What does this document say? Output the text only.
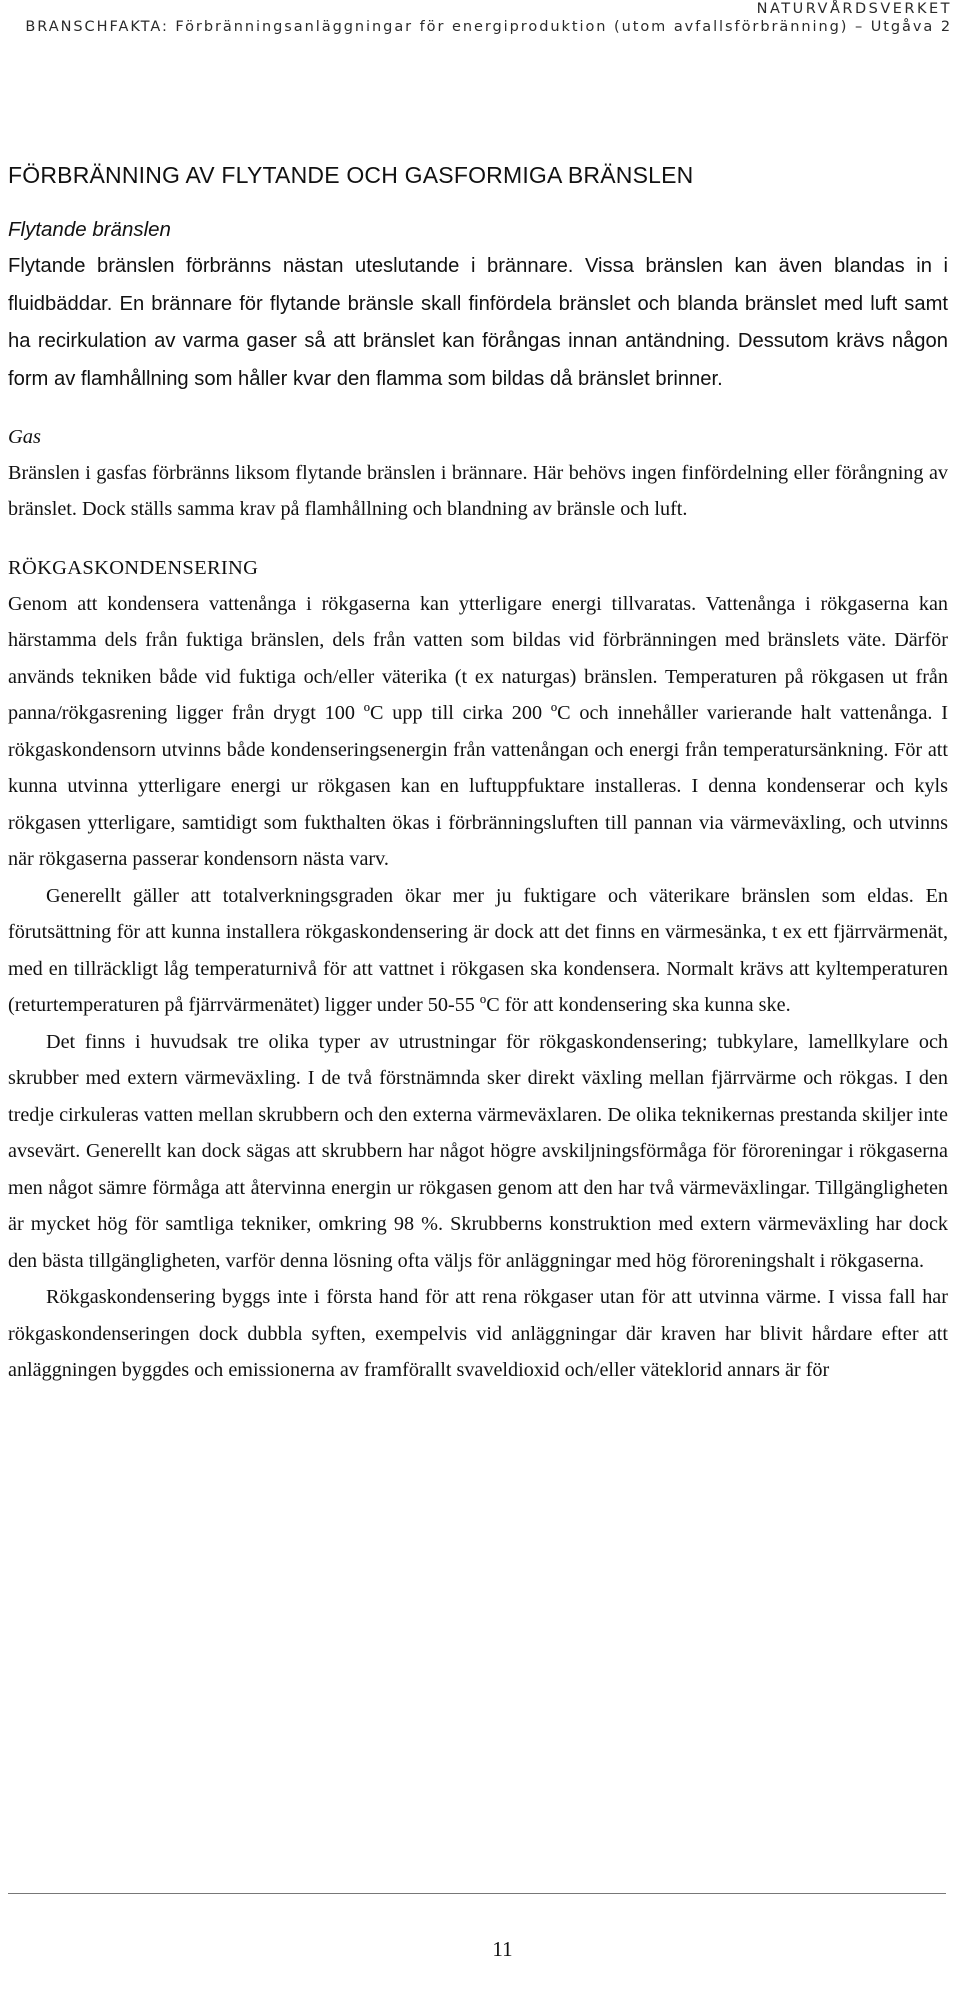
NATURVÅRDSVERKET
BRANSCHFAKTA: Förbränningsanläggningar för energiproduktion (utom avfallsförbränning) – Utgåva 2
FÖRBRÄNNING AV FLYTANDE OCH GASFORMIGA BRÄNSLEN
Flytande bränslen

Flytande bränslen förbränns nästan uteslutande i brännare. Vissa bränslen kan även blandas in i fluidbäddar. En brännare för flytande bränsle skall finfördela bränslet och blanda bränslet med luft samt ha recirkulation av varma gaser så att bränslet kan förångas innan antändning. Dessutom krävs någon form av flamhållning som håller kvar den flamma som bildas då bränslet brinner.

Gas

Bränslen i gasfas förbränns liksom flytande bränslen i brännare. Här behövs ingen finfördelning eller förångning av bränslet. Dock ställs samma krav på flamhållning och blandning av bränsle och luft.

RÖKGASKONDENSERING

Genom att kondensera vattenånga i rökgaserna kan ytterligare energi tillvaratas. Vattenånga i rökgaserna kan härstamma dels från fuktiga bränslen, dels från vatten som bildas vid förbränningen med bränslets väte. Därför används tekniken både vid fuktiga och/eller väterika (t ex naturgas) bränslen. Temperaturen på rökgasen ut från panna/rökgasrening ligger från drygt 100 ºC upp till cirka 200 ºC och innehåller varierande halt vattenånga. I rökgaskondensorn utvinns både kondenseringsenergin från vattenångan och energi från temperatursänkning. För att kunna utvinna ytterligare energi ur rökgasen kan en luftuppfuktare installeras. I denna kondenserar och kyls rökgasen ytterligare, samtidigt som fukthalten ökas i förbränningsluften till pannan via värmeväxling, och utvinns när rökgaserna passerar kondensorn nästa varv.

Generellt gäller att totalverkningsgraden ökar mer ju fuktigare och väterikare bränslen som eldas. En förutsättning för att kunna installera rökgaskondensering är dock att det finns en värmesänka, t ex ett fjärrvärmenät, med en tillräckligt låg temperaturnivå för att vattnet i rökgasen ska kondensera. Normalt krävs att kyltemperaturen (returtemperaturen på fjärrvärmenätet) ligger under 50-55 ºC för att kondensering ska kunna ske.

Det finns i huvudsak tre olika typer av utrustningar för rökgaskondensering; tubkylare, lamellkylare och skrubber med extern värmeväxling. I de två förstnämnda sker direkt växling mellan fjärrvärme och rökgas. I den tredje cirkuleras vatten mellan skrubbern och den externa värmeväxlaren. De olika teknikernas prestanda skiljer inte avsevärt. Generellt kan dock sägas att skrubbern har något högre avskiljningsförmåga för föroreningar i rökgaserna men något sämre förmåga att återvinna energin ur rökgasen genom att den har två värmeväxlingar. Tillgängligheten är mycket hög för samtliga tekniker, omkring 98 %. Skrubberns konstruktion med extern värmeväxling har dock den bästa tillgängligheten, varför denna lösning ofta väljs för anläggningar med hög föroreningshalt i rökgaserna.

Rökgaskondensering byggs inte i första hand för att rena rökgaser utan för att utvinna värme. I vissa fall har rökgaskondenseringen dock dubbla syften, exempelvis vid anläggningar där kraven har blivit hårdare efter att anläggningen byggdes och emissionerna av framförallt svaveldioxid och/eller väteklorid annars är för

11
